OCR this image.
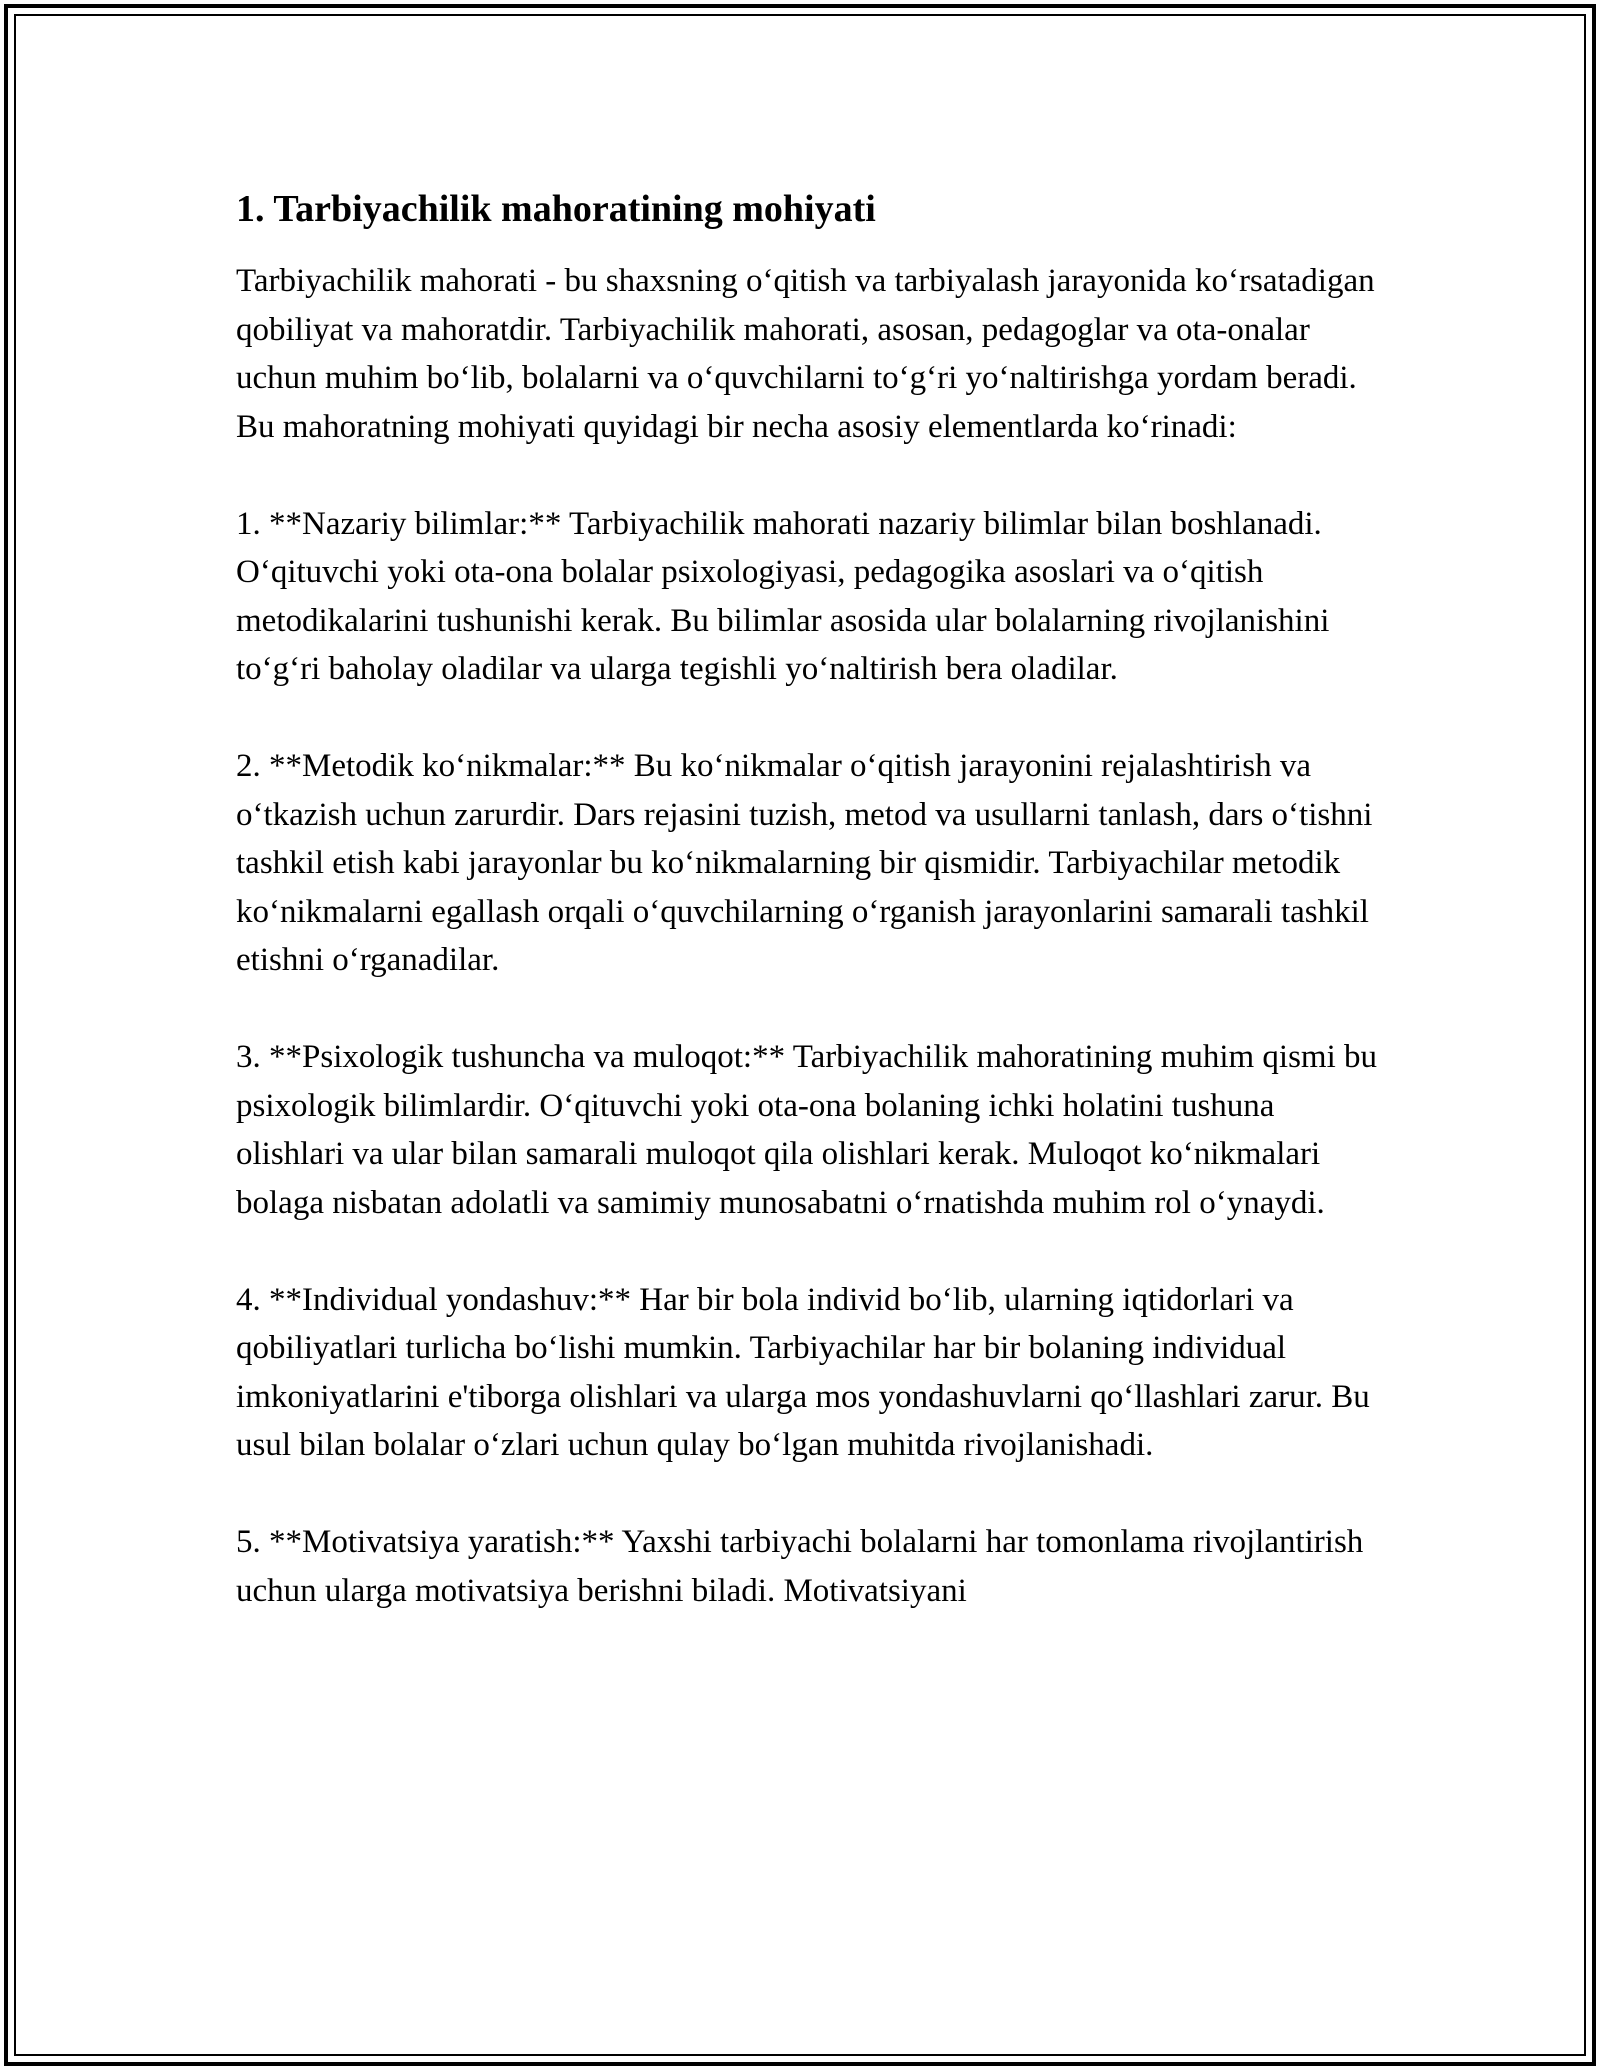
1. Tarbiyachilik mahoratining mohiyati

Tarbiyachilik mahorati - bu shaxsning o‘qitish va tarbiyalash jarayonida ko‘rsatadigan qobiliyat va mahoratdir. Tarbiyachilik mahorati, asosan, pedagoglar va ota-onalar uchun muhim bo‘lib, bolalarni va o‘quvchilarni to‘g‘ri yo‘naltirishga yordam beradi. Bu mahoratning mohiyati quyidagi bir necha asosiy elementlarda ko‘rinadi:

1. **Nazariy bilimlar:** Tarbiyachilik mahorati nazariy bilimlar bilan boshlanadi. O‘qituvchi yoki ota-ona bolalar psixologiyasi, pedagogika asoslari va o‘qitish metodikalarini tushunishi kerak. Bu bilimlar asosida ular bolalarning rivojlanishini to‘g‘ri baholay oladilar va ularga tegishli yo‘naltirish bera oladilar.

2. **Metodik ko‘nikmalar:** Bu ko‘nikmalar o‘qitish jarayonini rejalashtirish va o‘tkazish uchun zarurdir. Dars rejasini tuzish, metod va usullarni tanlash, dars o‘tishni tashkil etish kabi jarayonlar bu ko‘nikmalarning bir qismidir. Tarbiyachilar metodik ko‘nikmalarni egallash orqali o‘quvchilarning o‘rganish jarayonlarini samarali tashkil etishni o‘rganadilar.

3. **Psixologik tushuncha va muloqot:** Tarbiyachilik mahoratining muhim qismi bu psixologik bilimlardir. O‘qituvchi yoki ota-ona bolaning ichki holatini tushuna olishlari va ular bilan samarali muloqot qila olishlari kerak. Muloqot ko‘nikmalari bolaga nisbatan adolatli va samimiy munosabatni o‘rnatishda muhim rol o‘ynaydi.

4. **Individual yondashuv:** Har bir bola individ bo‘lib, ularning iqtidorlari va qobiliyatlari turlicha bo‘lishi mumkin. Tarbiyachilar har bir bolaning individual imkoniyatlarini e'tiborga olishlari va ularga mos yondashuvlarni qo‘llashlari zarur. Bu usul bilan bolalar o‘zlari uchun qulay bo‘lgan muhitda rivojlanishadi.

5. **Motivatsiya yaratish:** Yaxshi tarbiyachi bolalarni har tomonlama rivojlantirish uchun ularga motivatsiya berishni biladi. Motivatsiyani
